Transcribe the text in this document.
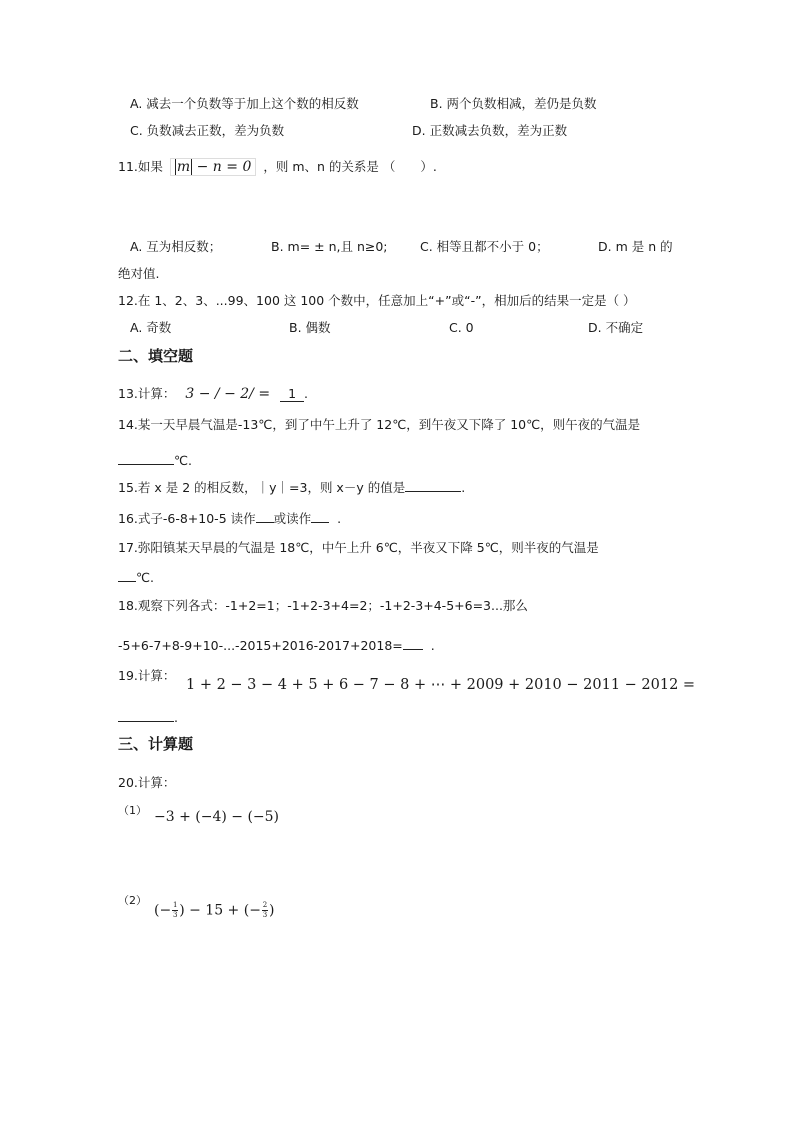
A. 减去一个负数等于加上这个数的相反数	B. 两个负数相减，差仍是负数
C. 负数减去正数，差为负数	D. 正数减去负数，差为正数
11.如果 m − n = 0 ，则 m、n 的关系是 （　　）.
A. 互为相反数；	B. m= ± n,且 n≥0;	C. 相等且都不小于 0；	D. m 是 n 的
绝对值.
12.在 1、2、3、...99、100 这 100 个数中，任意加上“+”或“-”，相加后的结果一定是（ ）
A. 奇数	B. 偶数	C. 0	D. 不确定
二、填空题
13.计算： 3 − / − 2/ = 1 .
14.某一天早晨气温是-13℃，到了中午上升了 12℃，到午夜又下降了 10℃，则午夜的气温是
℃.
15.若 x 是 2 的相反数，｜y｜=3，则 x－y 的值是	.
16.式子-6-8+10-5 读作 或读作 .
17.弥阳镇某天早晨的气温是 18℃，中午上升 6℃，半夜又下降 5℃，则半夜的气温是
℃.
18.观察下列各式：-1+2=1；-1+2-3+4=2；-1+2-3+4-5+6=3...那么
-5+6-7+8-9+10-...-2015+2016-2017+2018= .
19.计算：
1 + 2 − 3 − 4 + 5 + 6 − 7 − 8 + ⋯ + 2009 + 2010 − 2011 − 2012 =
.
三、计算题
20.计算：
（1） −3 + (−4) − (−5)
（2）
(− $\frac{1}{3}$ ) − 15 + (− $\frac{2}{3}$ )
